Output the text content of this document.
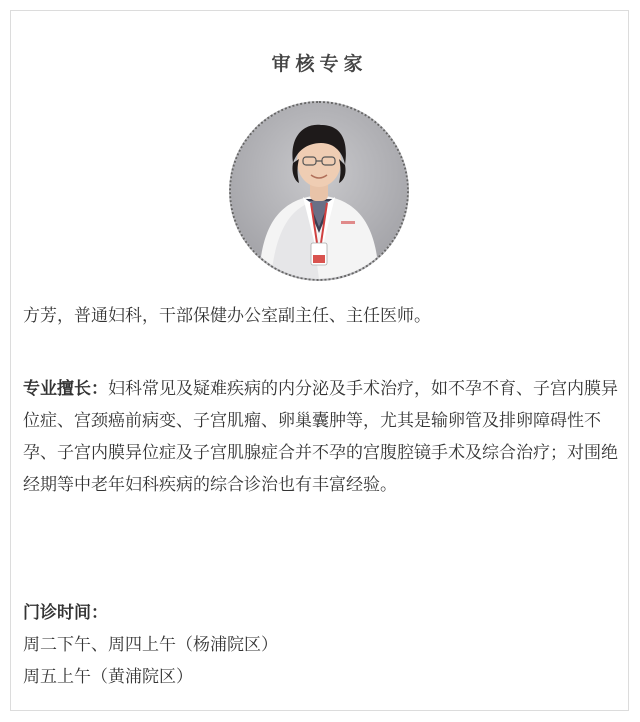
审核专家

方芳，普通妇科，干部保健办公室副主任、主任医师。

专业擅长：妇科常见及疑难疾病的内分泌及手术治疗，如不孕不育、子宫内膜异位症、宫颈癌前病变、子宫肌瘤、卵巢囊肿等，尤其是输卵管及排卵障碍性不孕、子宫内膜异位症及子宫肌腺症合并不孕的宫腹腔镜手术及综合治疗；对围绝经期等中老年妇科疾病的综合诊治也有丰富经验。

门诊时间：

周二下午、周四上午（杨浦院区）

周五上午（黄浦院区）
